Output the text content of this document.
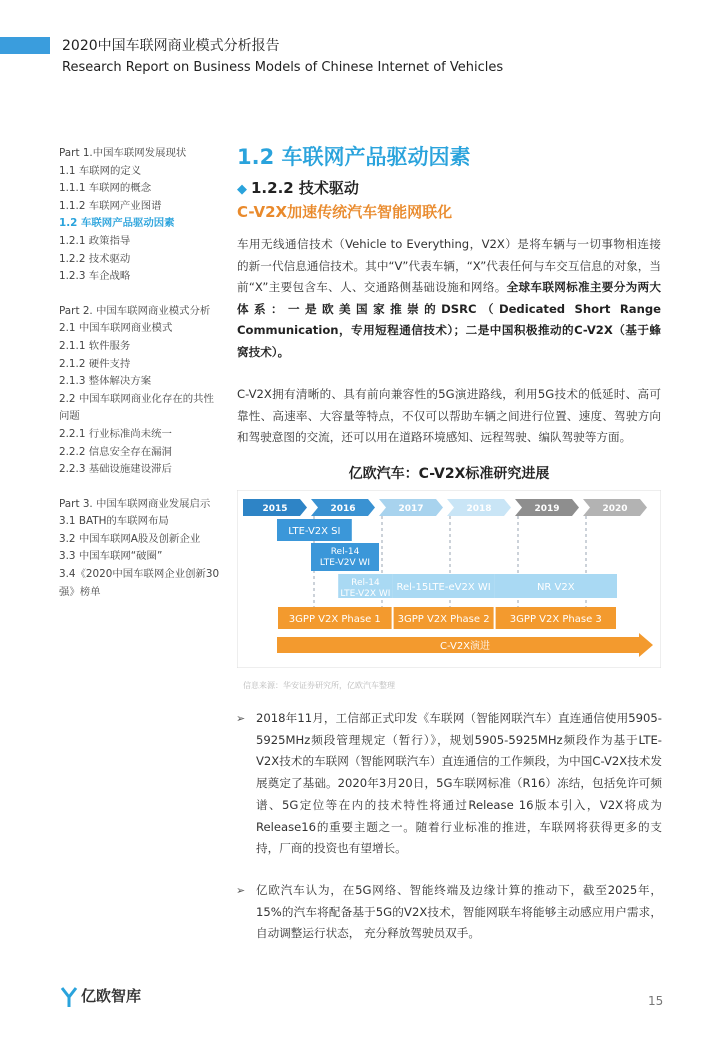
2020中国车联网商业模式分析报告
Research Report on Business Models of Chinese Internet of Vehicles
Part 1.中国车联网发展现状
1.1 车联网的定义
1.1.1 车联网的概念
1.1.2 车联网产业图谱
1.2 车联网产品驱动因素
1.2.1 政策指导
1.2.2 技术驱动
1.2.3 车企战略
Part 2. 中国车联网商业模式分析
2.1 中国车联网商业模式
2.1.1 软件服务
2.1.2 硬件支持
2.1.3 整体解决方案
2.2 中国车联网商业化存在的共性问题
2.2.1 行业标准尚未统一
2.2.2 信息安全存在漏洞
2.2.3 基础设施建设滞后
Part 3. 中国车联网商业发展启示
3.1 BATH的车联网布局
3.2 中国车联网A股及创新企业
3.3 中国车联网“破圈”
3.4《2020中国车联网企业创新30强》榜单
1.2 车联网产品驱动因素
◆ 1.2.2 技术驱动
C-V2X加速传统汽车智能网联化
车用无线通信技术（Vehicle to Everything，V2X）是将车辆与一切事物相连接的新一代信息通信技术。其中“V”代表车辆，“X”代表任何与车交互信息的对象，当前“X”主要包含车、人、交通路侧基础设施和网络。全球车联网标准主要分为两大体系：一是欧美国家推崇的DSRC（Dedicated Short Range Communication，专用短程通信技术）；二是中国积极推动的C-V2X（基于蜂窝技术）。
C-V2X拥有清晰的、具有前向兼容性的5G演进路线，利用5G技术的低延时、高可靠性、高速率、大容量等特点，不仅可以帮助车辆之间进行位置、速度、驾驶方向和驾驶意图的交流，还可以用在道路环境感知、远程驾驶、编队驾驶等方面。
亿欧汽车：C-V2X标准研究进展
2015	2016	2017	2018	2019	2020
LTE-V2X SI
Rel-14
LTE-V2V WI
Rel-14
LTE-V2X WI
Rel-15LTE-eV2X WI	NR V2X
3GPP V2X Phase 1 3GPP V2X Phase 2 3GPP V2X Phase 3
C-V2X演进
信息来源：华安证券研究所，亿欧汽车整理
➢ 2018年11月，工信部正式印发《车联网（智能网联汽车）直连通信使用5905-5925MHz频段管理规定（暂行）》，规划5905-5925MHz频段作为基于LTE-V2X技术的车联网（智能网联汽车）直连通信的工作频段，为中国C-V2X技术发展奠定了基础。2020年3月20日，5G车联网标准（R16）冻结，包括免许可频谱、5G定位等在内的技术特性将通过Release 16版本引入，V2X将成为Release16的重要主题之一。随着行业标准的推进，车联网将获得更多的支持，厂商的投资也有望增长。
➢ 亿欧汽车认为，在5G网络、智能终端及边缘计算的推动下，截至2025年，15%的汽车将配备基于5G的V2X技术，智能网联车将能够主动感应用户需求，自动调整运行状态， 充分释放驾驶员双手。
亿欧智库	15
